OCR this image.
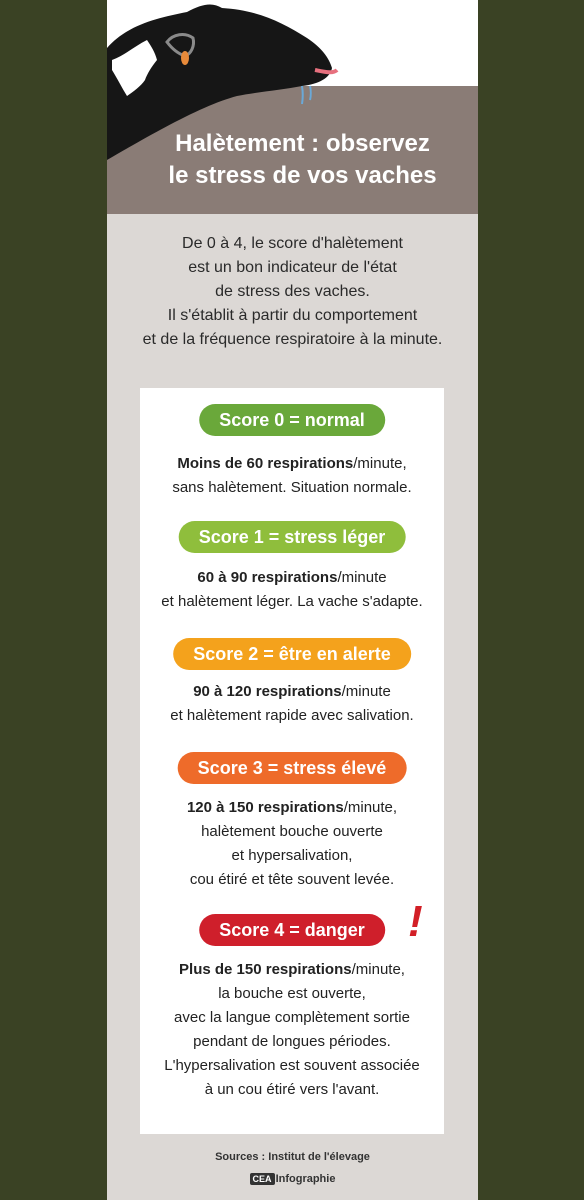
Halètement : observez
le stress de vos vaches
De 0 à 4, le score d'halètement
est un bon indicateur de l'état
de stress des vaches.
Il s'établit à partir du comportement
et de la fréquence respiratoire à la minute.
Score 0 = normal
Moins de 60 respirations/minute,
sans halètement. Situation normale.
Score 1 = stress léger
60 à 90 respirations/minute
et halètement léger. La vache s'adapte.
Score 2 = être en alerte
90 à 120 respirations/minute
et halètement rapide avec salivation.
Score 3 = stress élevé
120 à 150 respirations/minute,
halètement bouche ouverte
et hypersalivation,
cou étiré et tête souvent levée.
Score 4 = danger !
Plus de 150 respirations/minute,
la bouche est ouverte,
avec la langue complètement sortie
pendant de longues périodes.
L'hypersalivation est souvent associée
à un cou étiré vers l'avant.
Sources : Institut de l'élevage
CEA Infographie
